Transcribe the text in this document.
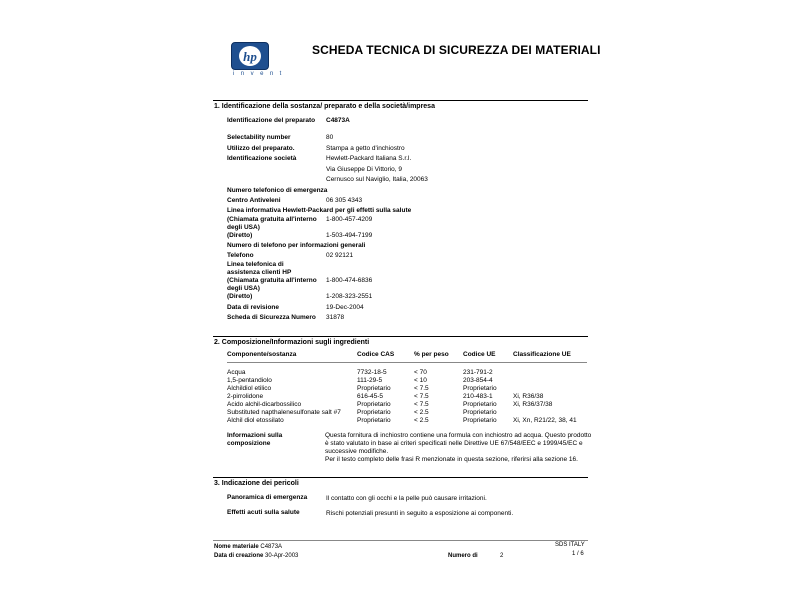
hp
i n v e n t
SCHEDA TECNICA DI SICUREZZA DEI MATERIALI
1. Identificazione della sostanza/ preparato e della società/impresa
Identificazione del preparato C4873A
Selectability number	80
Utilizzo del preparato.	Stampa a getto d'inchiostro
Identificazione società	Hewlett-Packard Italiana S.r.l.
Via Giuseppe Di Vittorio, 9
Cernusco sul Naviglio, Italia, 20063
Numero telefonico di emergenza
Centro Antiveleni	06 305 4343
Linea informativa Hewlett-Packard per gli effetti sulla salute
(Chiamata gratuita all'interno degli USA)
1-800-457-4209
(Diretto)	1-503-494-7199
Numero di telefono per informazioni generali
Telefono	02 92121
Linea telefonica di assistenza clienti HP
(Chiamata gratuita all'interno degli USA)
1-800-474-6836
(Diretto)	1-208-323-2551
Data di revisione	19-Dec-2004
Scheda di Sicurezza Numero 31878
2. Composizione/Informazioni sugli ingredienti
Componente/sostanza	Codice CAS	% per peso Codice UE	Classificazione UE
Acqua	7732-18-5	< 70	231-791-2
1,5-pentandiolo	111-29-5	< 10	203-854-4
Alchildiol etilico	Proprietario	< 7.5	Proprietario
2-pirrolidone	616-45-5	< 7.5	210-483-1	Xi, R36/38
Acido alchil-dicarbossilico	Proprietario	< 7.5	Proprietario	Xi, R36/37/38
Substituted napthalenesulfonate salt #7 Proprietario	< 2.5	Proprietario
Alchil diol etossilato	Proprietario	< 2.5	Proprietario	Xi, Xn, R21/22, 38, 41
Informazioni sulla composizione
Questa fornitura di inchiostro contiene una formula con inchiostro ad acqua. Questo prodotto è stato valutato in base ai criteri specificati nelle Direttive UE 67/548/EEC e 1999/45/EC e successive modifiche.
Per il testo completo delle frasi R menzionate in questa sezione, riferirsi alla sezione 16.
3. Indicazione dei pericoli
Panoramica di emergenza	Il contatto con gli occhi e la pelle può causare irritazioni.
Effetti acuti sulla salute	Rischi potenziali presunti in seguito a esposizione ai componenti.
Nome materiale C4873A
Data di creazione 30-Apr-2003	Numero di	2
SDS ITALY
1 / 6
